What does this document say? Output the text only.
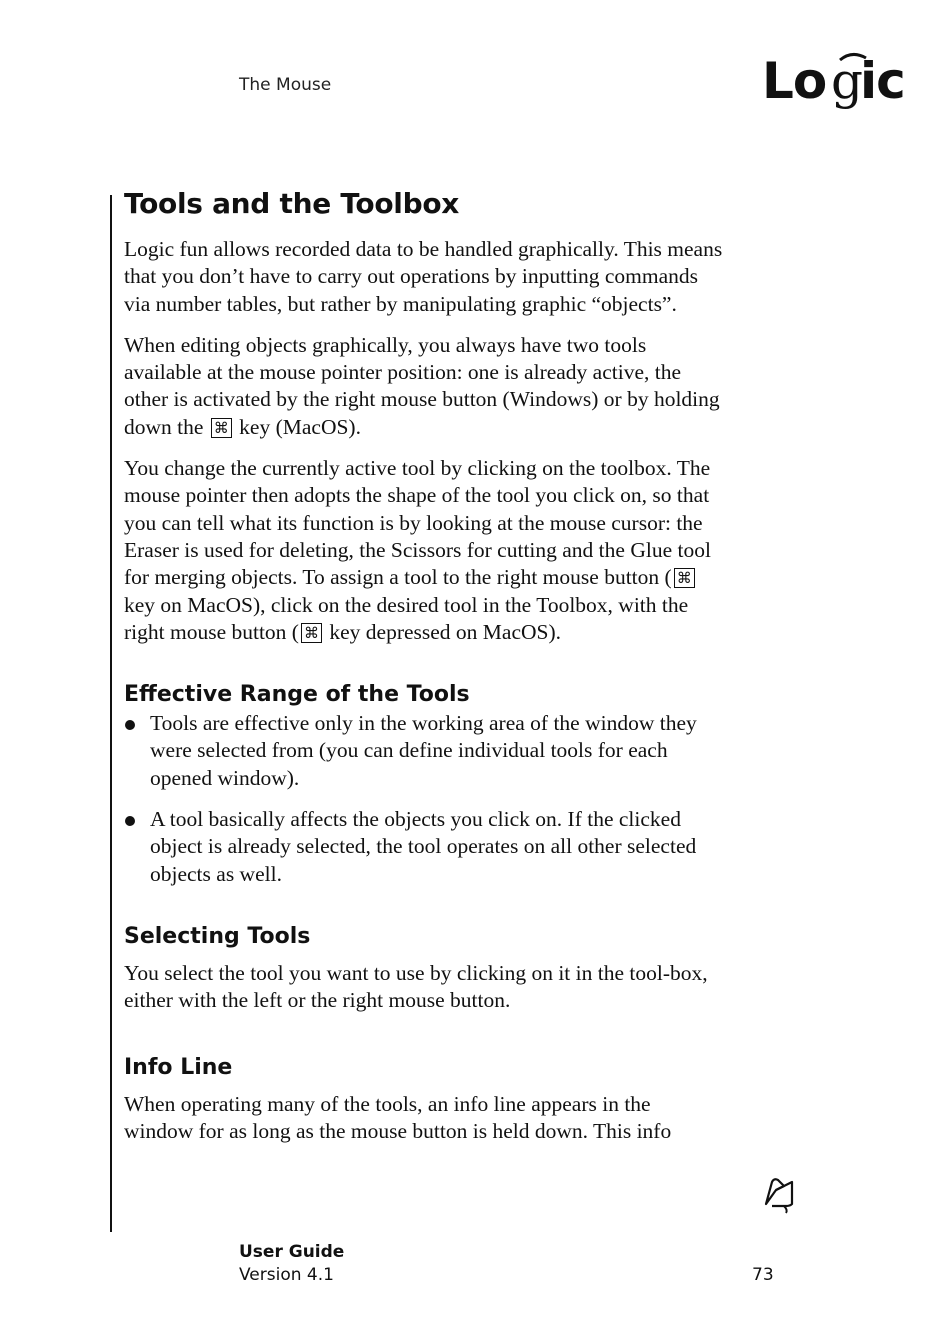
The Mouse	Lo g
ic
Tools and the Toolbox

Logic fun allows recorded data to be handled graphically. This means that you don’t have to carry out operations by inputting commands via number tables, but rather by manipulating graphic “objects”.

When editing objects graphically, you always have two tools available at the mouse pointer position: one is already active, the other is activated by the right mouse button (Windows) or by holding down the ⌘ key (MacOS).

You change the currently active tool by clicking on the toolbox. The mouse pointer then adopts the shape of the tool you click on, so that you can tell what its function is by looking at the mouse cursor: the Eraser is used for deleting, the Scissors for cutting and the Glue tool for merging objects. To assign a tool to the right mouse button ( ⌘ key on MacOS), click on the desired tool in the Toolbox, with the right mouse button ( ⌘ key depressed on MacOS).

Effective Range of the Tools
Tools are effective only in the working area of the window they were selected from (you can define individual tools for each opened window).
A tool basically affects the objects you click on. If the clicked object is already selected, the tool operates on all other selected objects as well.
Selecting Tools

You select the tool you want to use by clicking on it in the tool-box, either with the left or the right mouse button.

Info Line

When operating many of the tools, an info line appears in the window for as long as the mouse button is held down. This info

User Guide
Version 4.1	73
